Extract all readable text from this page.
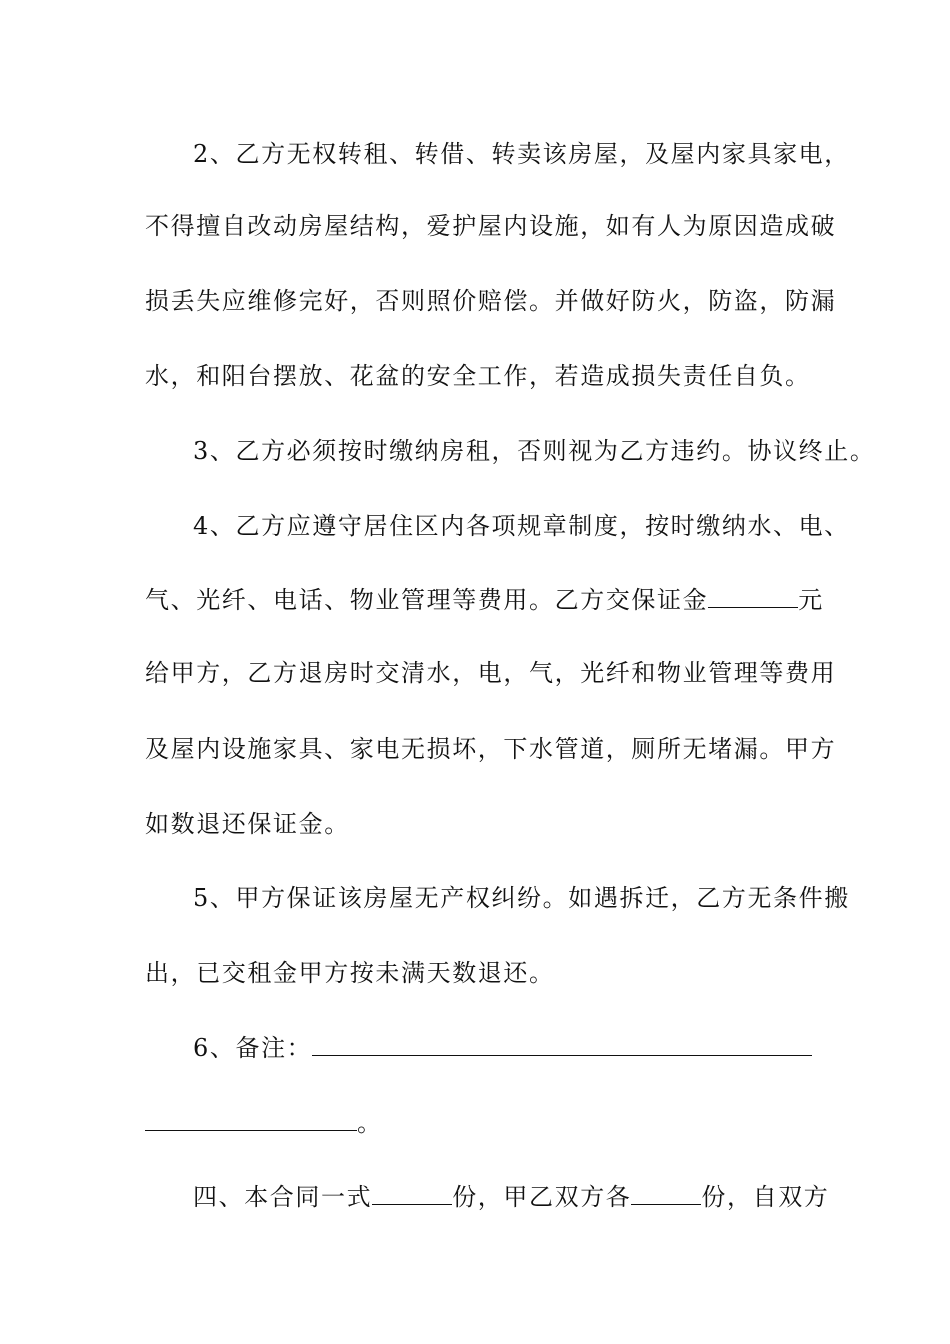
2、乙方无权转租、转借、转卖该房屋，及屋内家具家电，
不得擅自改动房屋结构，爱护屋内设施，如有人为原因造成破
损丢失应维修完好，否则照价赔偿。并做好防火，防盗，防漏
水，和阳台摆放、花盆的安全工作，若造成损失责任自负。
3、乙方必须按时缴纳房租，否则视为乙方违约。协议终止。
4、乙方应遵守居住区内各项规章制度，按时缴纳水、电、
气、光纤、电话、物业管理等费用。乙方交保证金	元
给甲方，乙方退房时交清水，电，气，光纤和物业管理等费用
及屋内设施家具、家电无损坏，下水管道，厕所无堵漏。甲方
如数退还保证金。
5、甲方保证该房屋无产权纠纷。如遇拆迁，乙方无条件搬
出，已交租金甲方按未满天数退还。
6、备注：
。
四、本合同一式	份，甲乙双方各	份，自双方
